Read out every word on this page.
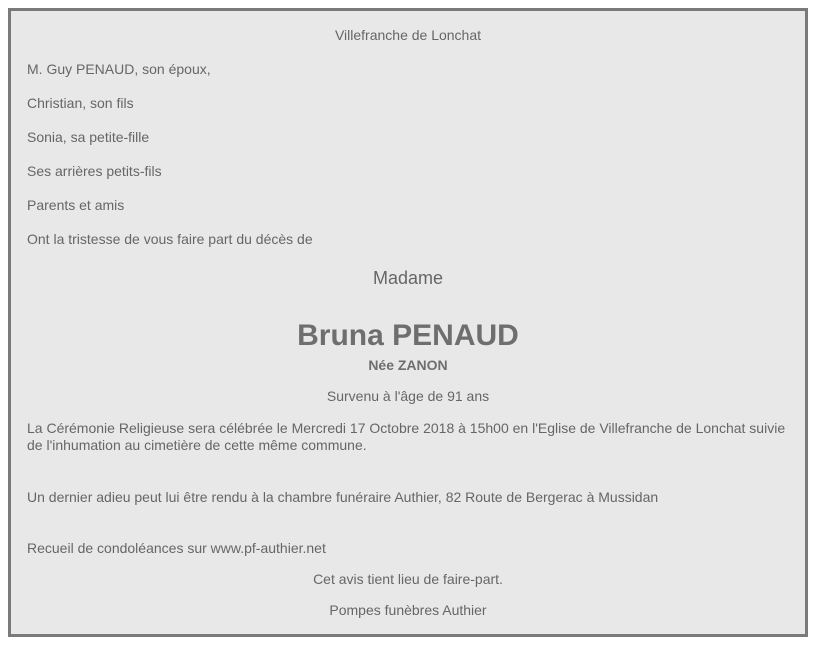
Villefranche de Lonchat
M. Guy PENAUD, son époux,
Christian, son fils
Sonia, sa petite-fille
Ses arrières petits-fils
Parents et amis
Ont la tristesse de vous faire part du décès de
Madame
Bruna PENAUD
Née ZANON
Survenu à l'âge de 91 ans
La Cérémonie Religieuse sera célébrée le Mercredi 17 Octobre 2018 à 15h00 en l'Eglise de Villefranche de Lonchat suivie de l'inhumation au cimetière de cette même commune.
Un dernier adieu peut lui être rendu à la chambre funéraire Authier, 82 Route de Bergerac à Mussidan
Recueil de condoléances sur www.pf-authier.net
Cet avis tient lieu de faire-part.
Pompes funèbres Authier
